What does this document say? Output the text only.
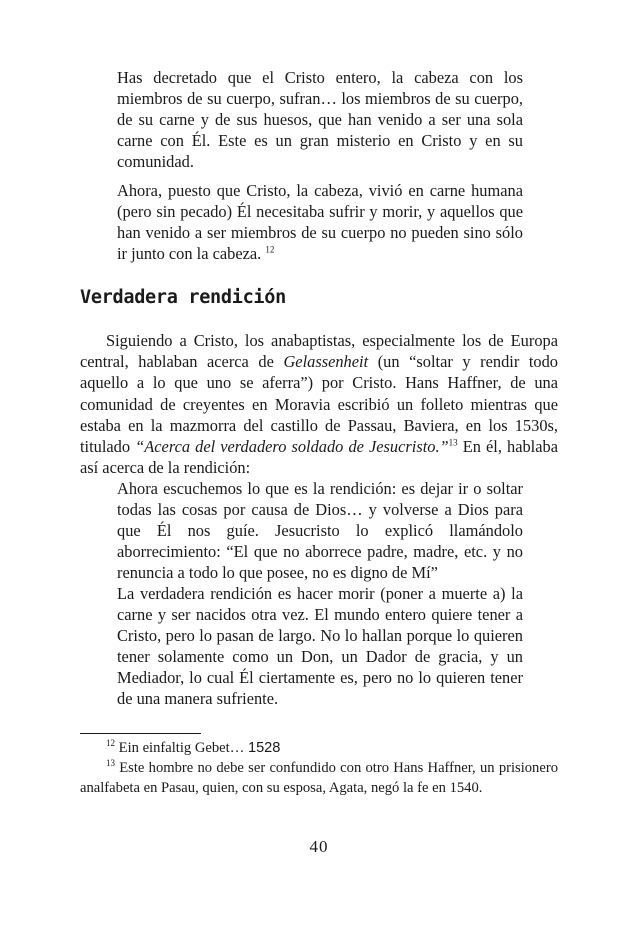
Has decretado que el Cristo entero, la cabeza con los miembros de su cuerpo, sufran… los miembros de su cuerpo, de su carne y de sus huesos, que han venido a ser una sola carne con Él. Este es un gran misterio en Cristo y en su comunidad.

Ahora, puesto que Cristo, la cabeza, vivió en carne humana (pero sin pecado) Él necesitaba sufrir y morir, y aquellos que han venido a ser miembros de su cuerpo no pueden sino sólo ir junto con la cabeza. $^{12}$

Verdadera rendición

Siguiendo a Cristo, los anabaptistas, especialmente los de Europa central, hablaban acerca de Gelassenheit (un “soltar y rendir todo aquello a lo que uno se aferra”) por Cristo. Hans Haffner, de una comunidad de creyentes en Moravia escribió un folleto mientras que estaba en la mazmorra del castillo de Passau, Baviera, en los 1530s, titulado “Acerca del verdadero soldado de Jesucristo.”$^{13}$ En él, hablaba así acerca de la rendición:

Ahora escuchemos lo que es la rendición: es dejar ir o soltar todas las cosas por causa de Dios… y volverse a Dios para que Él nos guíe. Jesucristo lo explicó llamándolo aborrecimiento: “El que no aborrece padre, madre, etc. y no renuncia a todo lo que posee, no es digno de Mí”

La verdadera rendición es hacer morir (poner a muerte a) la carne y ser nacidos otra vez. El mundo entero quiere tener a Cristo, pero lo pasan de largo. No lo hallan porque lo quieren tener solamente como un Don, un Dador de gracia, y un Mediador, lo cual Él ciertamente es, pero no lo quieren tener de una manera sufriente.

$^{12}$ Ein einfaltig Gebet… 1528

$^{13}$ Este hombre no debe ser confundido con otro Hans Haffner, un prisionero analfabeta en Pasau, quien, con su esposa, Agata, negó la fe en 1540.

40
